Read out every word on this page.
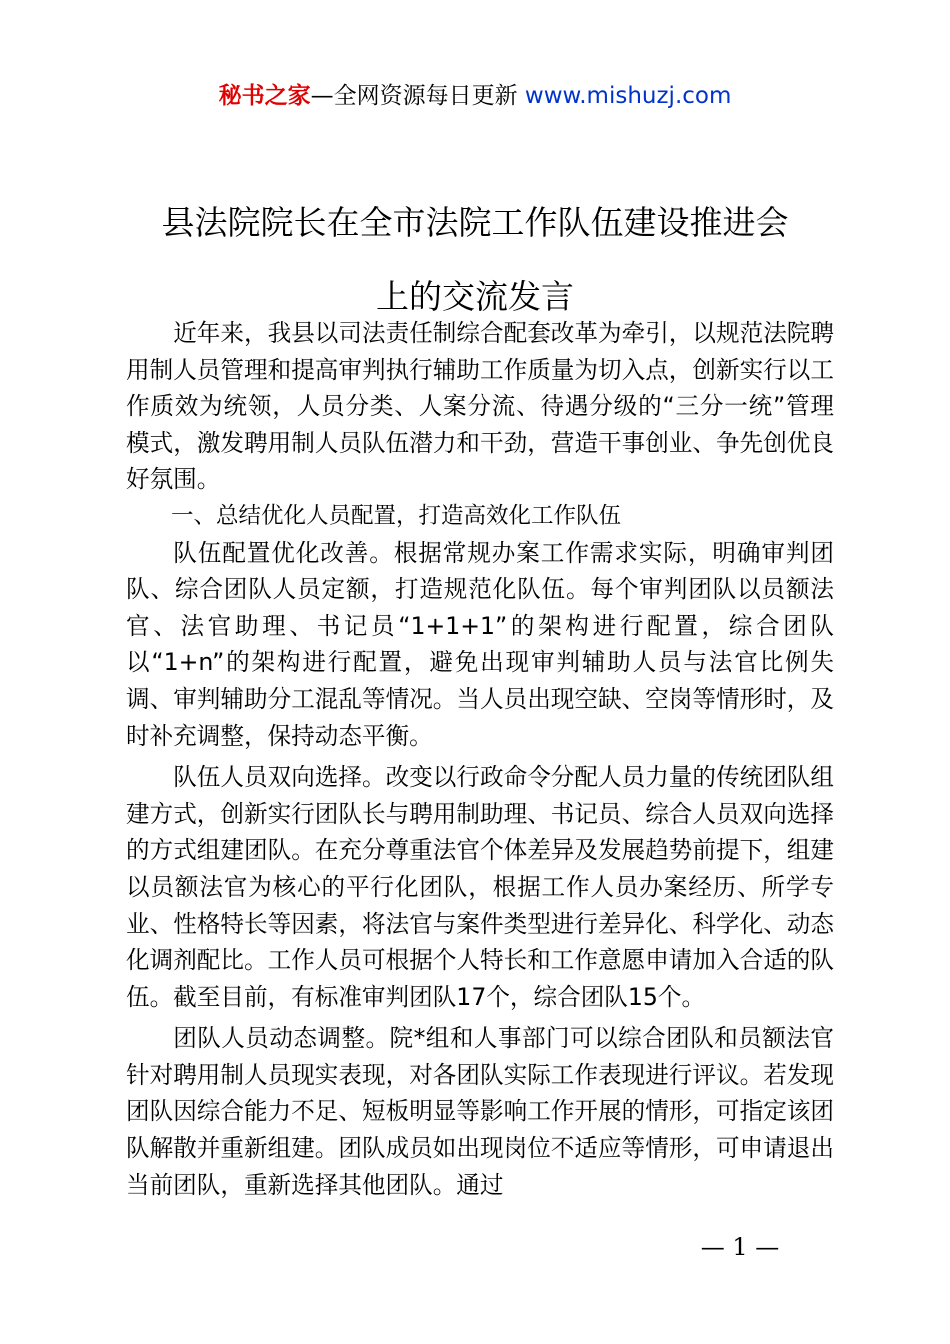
秘书之家—全网资源每日更新 www.mishuzj.com
县法院院长在全市法院工作队伍建设推进会
上的交流发言

近年来，我县以司法责任制综合配套改革为牵引，以规范法院聘用制人员管理和提高审判执行辅助工作质量为切入点，创新实行以工作质效为统领，人员分类、人案分流、待遇分级的“三分一统”管理模式，激发聘用制人员队伍潜力和干劲，营造干事创业、争先创优良好氛围。

一、总结优化人员配置，打造高效化工作队伍

队伍配置优化改善。根据常规办案工作需求实际，明确审判团队、综合团队人员定额，打造规范化队伍。每个审判团队以员额法官、法官助理、书记员“1+1+1”的架构进行配置，综合团队以“1+n”的架构进行配置，避免出现审判辅助人员与法官比例失调、审判辅助分工混乱等情况。当人员出现空缺、空岗等情形时，及时补充调整，保持动态平衡。

队伍人员双向选择。改变以行政命令分配人员力量的传统团队组建方式，创新实行团队长与聘用制助理、书记员、综合人员双向选择的方式组建团队。在充分尊重法官个体差异及发展趋势前提下，组建以员额法官为核心的平行化团队，根据工作人员办案经历、所学专业、性格特长等因素，将法官与案件类型进行差异化、科学化、动态化调剂配比。工作人员可根据个人特长和工作意愿申请加入合适的队伍。截至目前，有标准审判团队17个，综合团队15个。

团队人员动态调整。院*组和人事部门可以综合团队和员额法官针对聘用制人员现实表现，对各团队实际工作表现进行评议。若发现团队因综合能力不足、短板明显等影响工作开展的情形，可指定该团队解散并重新组建。团队成员如出现岗位不适应等情形，可申请退出当前团队，重新选择其他团队。通过

— 1 —
